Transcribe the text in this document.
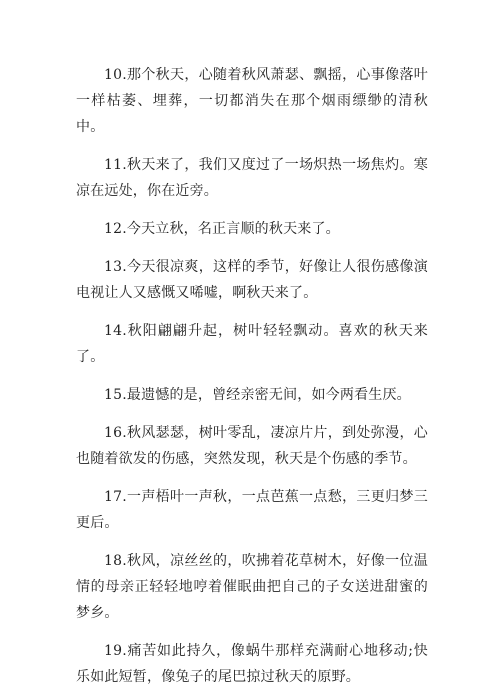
10.那个秋天，心随着秋风萧瑟、飘摇，心事像落叶一样枯萎、埋葬，一切都消失在那个烟雨缥缈的清秋中。

11.秋天来了，我们又度过了一场炽热一场焦灼。寒凉在远处，你在近旁。

12.今天立秋，名正言顺的秋天来了。

13.今天很凉爽，这样的季节，好像让人很伤感像演电视让人又感慨又唏嘘，啊秋天来了。

14.秋阳翩翩升起，树叶轻轻飘动。喜欢的秋天来了。

15.最遗憾的是，曾经亲密无间，如今两看生厌。

16.秋风瑟瑟，树叶零乱，凄凉片片，到处弥漫，心也随着欲发的伤感，突然发现，秋天是个伤感的季节。

17.一声梧叶一声秋，一点芭蕉一点愁，三更归梦三更后。

18.秋风，凉丝丝的，吹拂着花草树木，好像一位温情的母亲正轻轻地哼着催眠曲把自己的子女送进甜蜜的梦乡。

19.痛苦如此持久，像蜗牛那样充满耐心地移动;快乐如此短暂，像兔子的尾巴掠过秋天的原野。
